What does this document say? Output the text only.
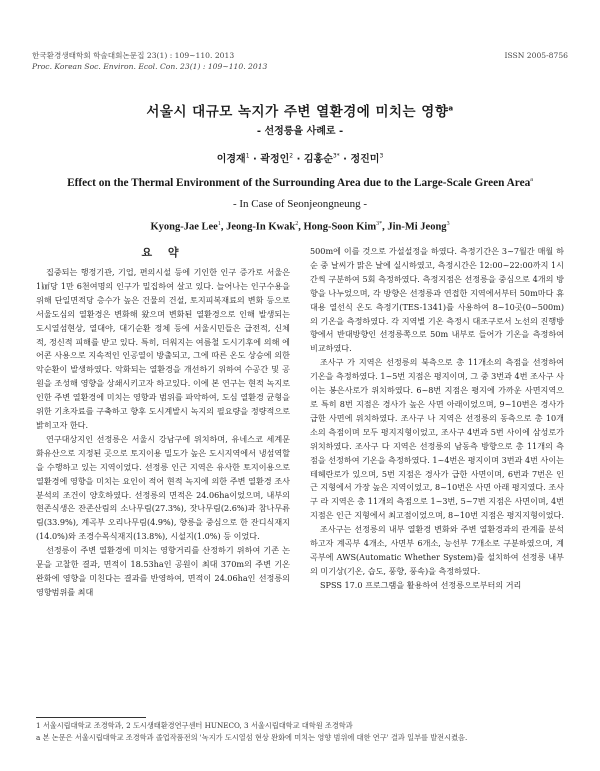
한국환경생태학회 학술대회논문집 23(1) : 109~110. 2013
Proc. Korean Soc. Environ. Ecol. Con. 23(1) : 109~110. 2013
ISSN 2005-8756
서울시 대규모 녹지가 주변 열환경에 미치는 영향$^a$
- 선정릉을 사례로 -
이경재$^1$ · 곽정인$^2$ · 김홍순$^{3*}$ · 정진미$^3$
Effect on the Thermal Environment of the Surrounding Area due to the Large-Scale Green Area$^a$
- In Case of Seonjeongneung -
Kyong-Jae Lee$^1$, Jeong-In Kwak$^2$, Hong-Soon Kim$^{3*}$, Jin-Mi Jeong$^3$
요 약

집중되는 행정기관, 기업, 편의시설 등에 기인한 인구 증가로 서울은 1㎢당 1만 6천여명의 인구가 밀집하여 살고 있다. 늘어나는 인구수용을 위해 단일면적당 층수가 높은 건물의 건설, 토지피복재료의 변화 등으로 서울도심의 열환경은 변화해 왔으며 변화된 열환경으로 인해 발생되는 도시열섬현상, 열대야, 대기순환 정체 등에 서울시민들은 급전적, 신체적, 정신적 피해를 받고 있다. 특히, 더워지는 여름철 도시기후에 의해 에어콘 사용으로 지속적인 인공열이 방출되고, 그에 따른 온도 상승에 의한 악순환이 발생하였다. 악화되는 열환경을 개선하기 위하여 수공간 및 공원을 조성해 영향을 상쇄시키고자 하고있다. 이에 본 연구는 현적 녹지로 인한 주변 열환경에 미치는 영향과 범위를 파악하여, 도심 열환경 균형을 위한 기초자료를 구축하고 향후 도시계발시 녹지의 필요량을 정량적으로 밝히고자 한다.

연구대상지인 선정릉은 서울시 강남구에 위치하며, 유네스코 세계문화유산으로 지정된 곳으로 토지이용 밀도가 높은 도시지역에서 냉섬역할을 수행하고 있는 지역이었다. 선정릉 인근 지역은 유사한 토지이용으로 열환경에 영향을 미치는 요인이 적어 현적 녹지에 의한 주변 열환경 조사분석의 조건이 양호하였다. 선정릉의 면적은 24.06ha이었으며, 내부의 현존식생은 잔존산림의 소나무림(27.3%), 잣나무림(2.6%)과 참나무류림(33.9%), 계곡부 오리나무림(4.9%), 향릉을 중심으로 한 잔디식재지(14.0%)와 조경수목식재지(13.8%), 시설지(1.0%) 등 이었다.

선정릉이 주변 열환경에 미치는 영향거리를 산정하기 위하여 기존 논문을 고찰한 결과, 면적이 18.53ha인 공원이 최대 370m의 주변 기온 완화에 영향을 미친다는 결과를 반영하여, 면적이 24.06ha인 선정릉의 영향범위를 최대

500m에 이를 것으로 가설설정을 하였다. 측정기간은 3~7월간 매월 하순 중 날씨가 맑은 날에 실시하였고, 측정시간은 12:00~22:00까지 1시간씩 구분하여 5회 측정하였다. 측정지점은 선정릉을 중심으로 4개의 방향을 나누었으며, 각 방향은 선정릉과 연접한 지역에서부터 50m마다 휴대용 열선식 온도 측정기(TES-1341)를 사용하여 8~10곳(0~500m)의 기온을 측정하였다. 각 지역별 기온 측정시 대조구로서 노선의 진행방향에서 반대방향인 선정릉쪽으로 50m 내부로 들어가 기온을 측정하여 비교하였다.

조사구 가 지역은 선정릉의 북측으로 총 11개소의 측점을 선정하여 기온을 측정하였다. 1~5번 지점은 평지이며, 그 중 3번과 4번 조사구 사이는 봉은사로가 위치하였다. 6~8번 지점은 평지에 가까운 사면지역으로 특히 8번 지점은 경사가 높은 사면 아래이었으며, 9~10번은 경사가 급한 사면에 위치하였다. 조사구 나 지역은 선정릉의 동측으로 총 10개소의 측점이며 모두 평지지형이었고, 조사구 4번과 5번 사이에 삼성로가 위치하였다. 조사구 다 지역은 선정릉의 남동측 방향으로 총 11개의 측점을 선정하여 기온을 측정하였다. 1~4번은 평지이며 3번과 4번 사이는 테헤란로가 있으며, 5번 지점은 경사가 급한 사면이며, 6번과 7번은 인근 지형에서 가장 높은 지역이었고, 8~10번은 사면 아래 평지였다. 조사구 라 지역은 총 11개의 측점으로 1~3번, 5~7번 지점은 사면이며, 4번 지점은 인근 지형에서 최고점이었으며, 8~10번 지점은 평지지형이었다.

조사구는 선정릉의 내부 열환경 변화와 주변 열환경과의 관계를 분석하고자 계곡부 4개소, 사면부 6개소, 능선부 7개소로 구분하였으며, 계곡부에 AWS(Automatic Whether System)를 설치하여 선정릉 내부의 미기상(기온, 습도, 풍향, 풍속)을 측정하였다.

SPSS 17.0 프로그램을 활용하여 선정릉으로부터의 거리

1 서울시립대학교 조경학과, 2 도시생태환경연구센터 HUNECO, 3 서울시립대학교 대학원 조경학과
a 본 논문은 서울시립대학교 조경학과 졸업작품전의 '녹지가 도시열섬 현상 완화에 미치는 영향 범위에 대한 연구' 결과 일부를 발전시켰음.
